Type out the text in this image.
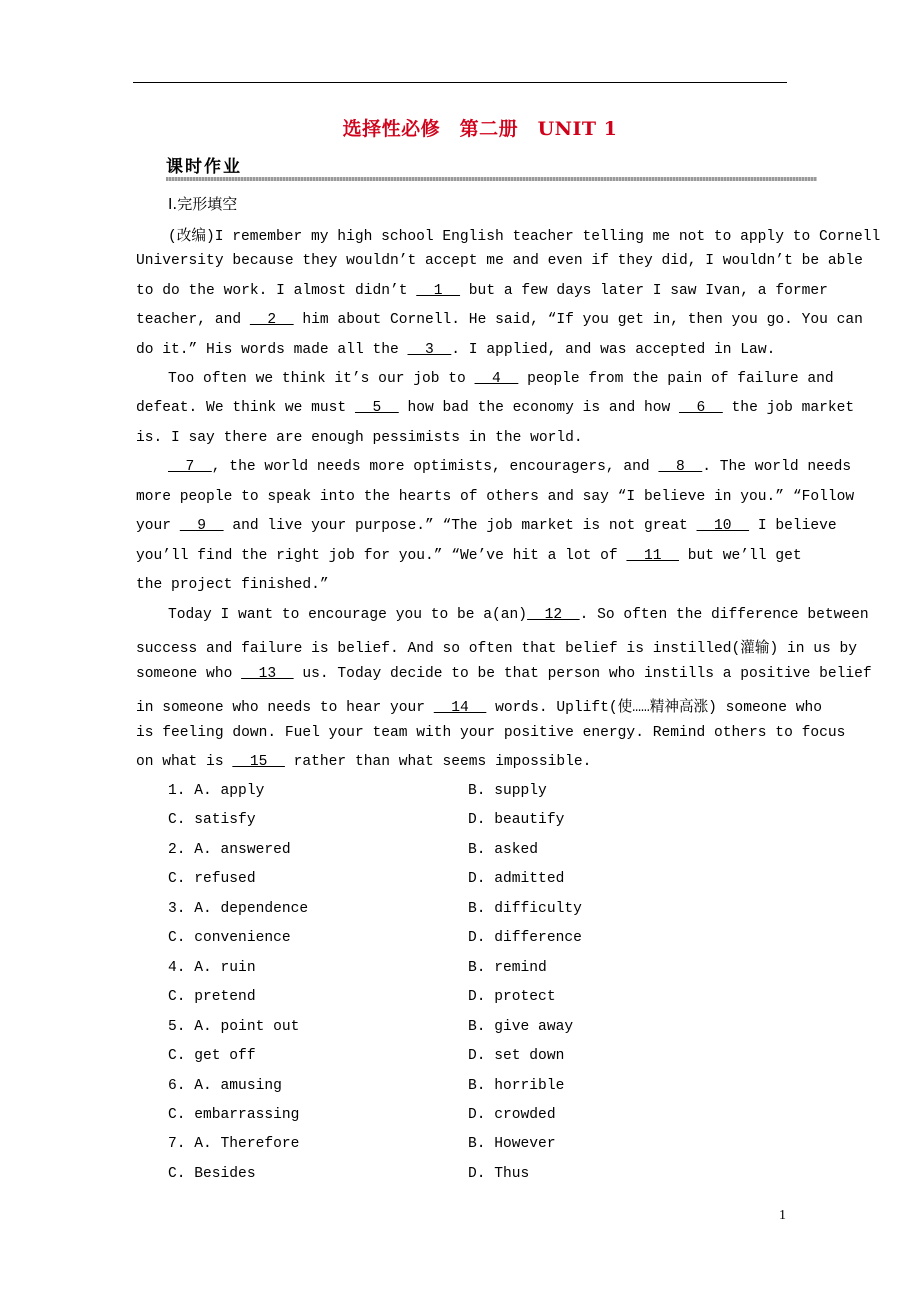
选择性必修　第二册　UNIT 1
课时作业
Ⅰ.完形填空
(改编)I remember my high school English teacher telling me not to apply to Cornell
University because they wouldn’t accept me and even if they did, I wouldn’t be able
to do the work. I almost didn’t   1   but a few days later I saw Ivan, a former
teacher, and   2   him about Cornell. He said, “If you get in, then you go. You can
do it.” His words made all the   3  . I applied, and was accepted in Law.
Too often we think it’s our job to   4   people from the pain of failure and
defeat. We think we must   5   how bad the economy is and how   6   the job market
is. I say there are enough pessimists in the world.
7  , the world needs more optimists, encouragers, and   8  . The world needs
more people to speak into the hearts of others and say “I believe in you.” “Follow
your   9   and live your purpose.” “The job market is not great   10   I believe
you’ll find the right job for you.” “We’ve hit a lot of   11   but we’ll get
the project finished.”
Today I want to encourage you to be a(an)  12  . So often the difference between
success and failure is belief. And so often that belief is instilled(灌输) in us by
someone who   13   us. Today decide to be that person who instills a positive belief
in someone who needs to hear your   14   words. Uplift(使……精神高涨) someone who
is feeling down. Fuel your team with your positive energy. Remind others to focus
on what is   15   rather than what seems impossible.
1. A. apply	B. supply
C. satisfy	D. beautify
2. A. answered	B. asked
C. refused	D. admitted
3. A. dependence	B. difficulty
C. convenience	D. difference
4. A. ruin	B. remind
C. pretend	D. protect
5. A. point out	B. give away
C. get off	D. set down
6. A. amusing	B. horrible
C. embarrassing	D. crowded
7. A. Therefore	B. However
C. Besides	D. Thus
1
